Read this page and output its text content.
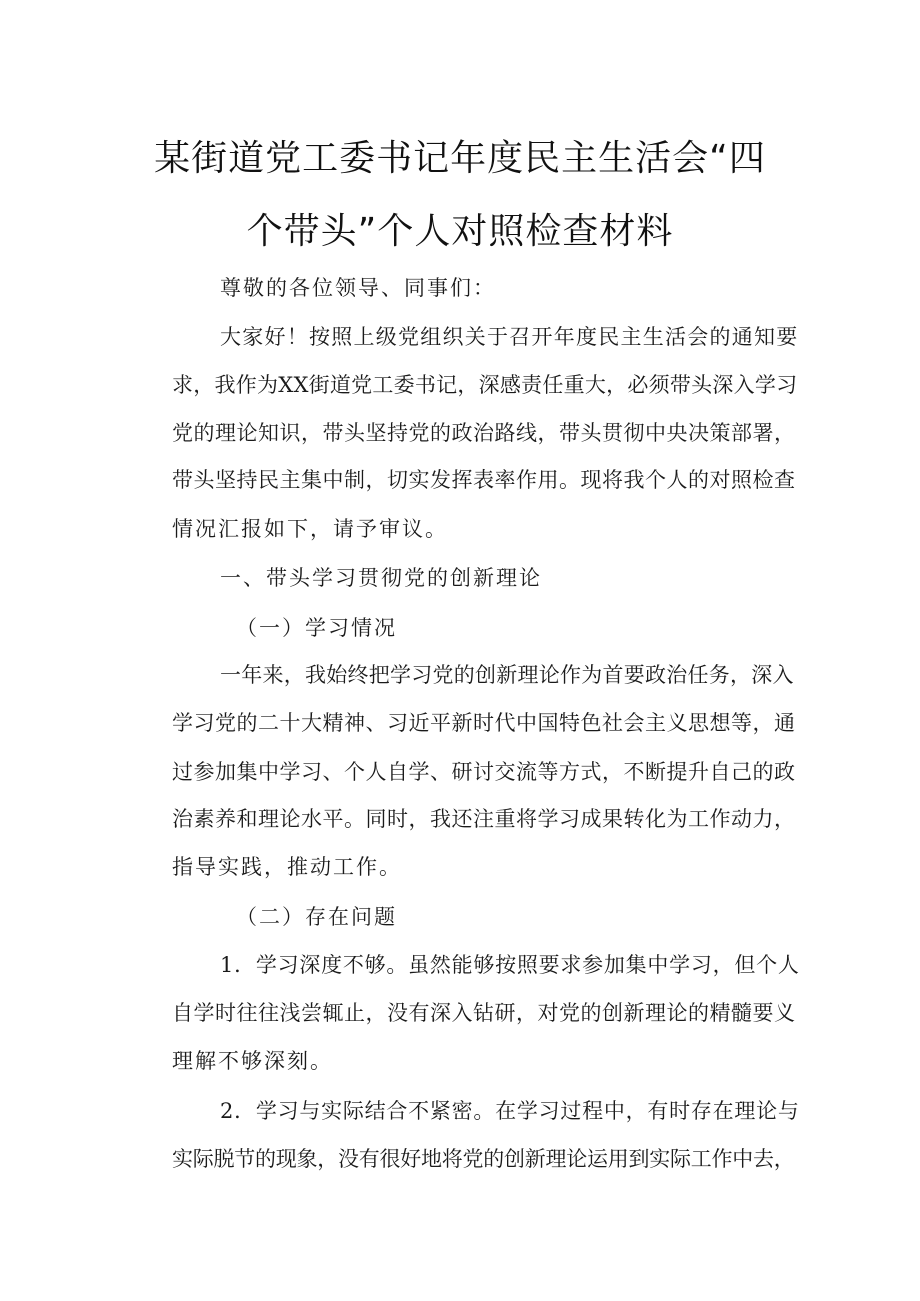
某街道党工委书记年度民主生活会“四
个带头”个人对照检查材料
尊敬的各位领导、同事们：
大家好！按照上级党组织关于召开年度民主生活会的通知要
求，我作为XX街道党工委书记，深感责任重大，必须带头深入学习
党的理论知识，带头坚持党的政治路线，带头贯彻中央决策部署，
带头坚持民主集中制，切实发挥表率作用。现将我个人的对照检查
情况汇报如下，请予审议。
一、带头学习贯彻党的创新理论
（一）学习情况
一年来，我始终把学习党的创新理论作为首要政治任务，深入
学习党的二十大精神、习近平新时代中国特色社会主义思想等，通
过参加集中学习、个人自学、研讨交流等方式，不断提升自己的政
治素养和理论水平。同时，我还注重将学习成果转化为工作动力，
指导实践，推动工作。
（二）存在问题
1．学习深度不够。虽然能够按照要求参加集中学习，但个人
自学时往往浅尝辄止，没有深入钻研，对党的创新理论的精髓要义
理解不够深刻。
2．学习与实际结合不紧密。在学习过程中，有时存在理论与
实际脱节的现象，没有很好地将党的创新理论运用到实际工作中去，
